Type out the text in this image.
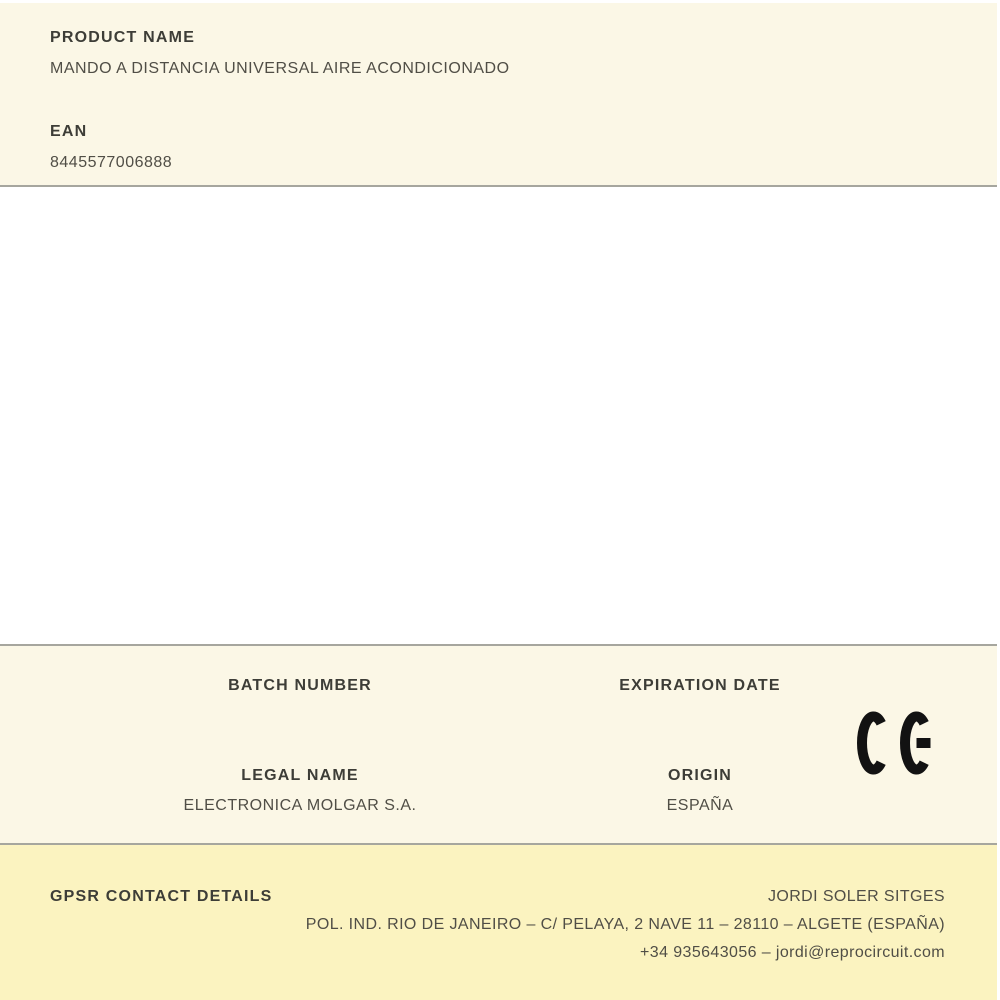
PRODUCT NAME
MANDO A DISTANCIA UNIVERSAL AIRE ACONDICIONADO
EAN
8445577006888
BATCH NUMBER	EXPIRATION DATE
LEGAL NAME
ELECTRONICA MOLGAR S.A.
ORIGIN
ESPAÑA
GPSR CONTACT DETAILS	JORDI SOLER SITGES
POL. IND. RIO DE JANEIRO – C/ PELAYA, 2 NAVE 11 – 28110 – ALGETE (ESPAÑA)
+34 935643056 – jordi@reprocircuit.com
